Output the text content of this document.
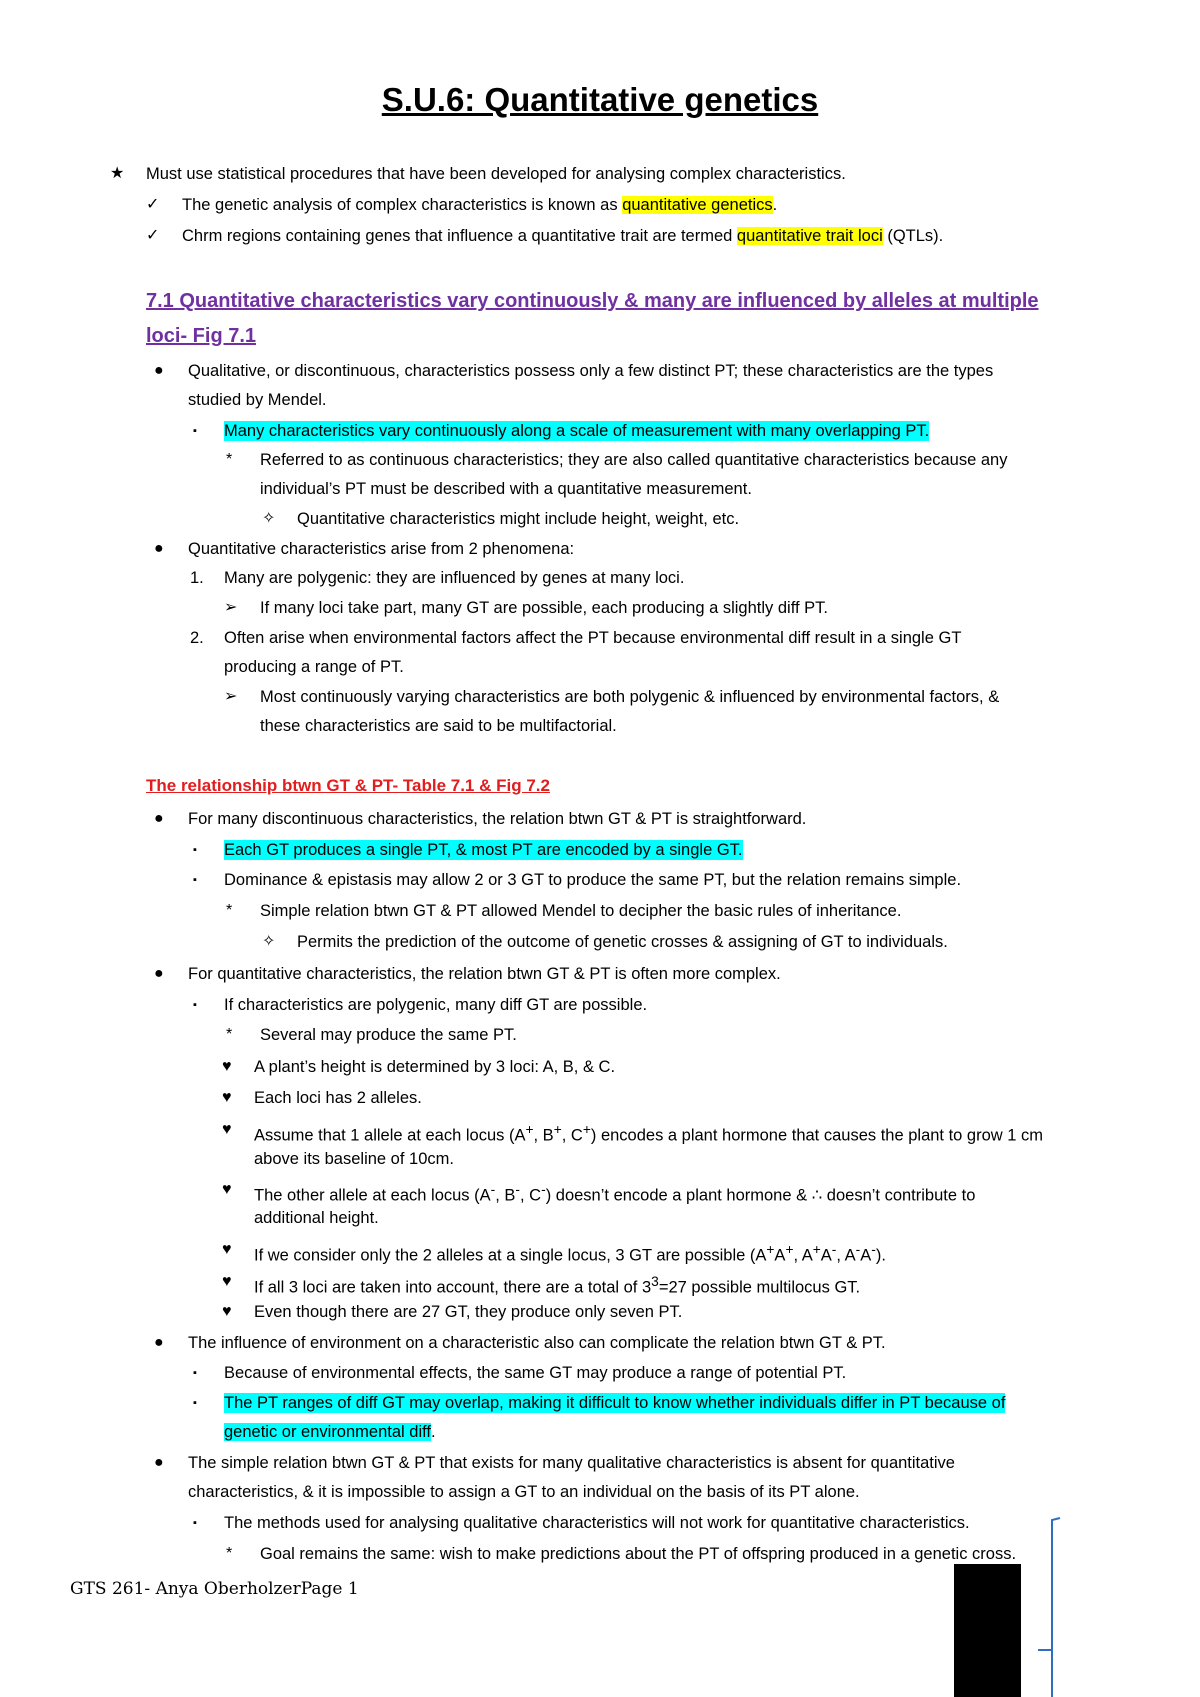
S.U.6: Quantitative genetics
★ Must use statistical procedures that have been developed for analysing complex characteristics.
✓ The genetic analysis of complex characteristics is known as quantitative genetics.
✓ Chrm regions containing genes that influence a quantitative trait are termed quantitative trait loci (QTLs).
7.1 Quantitative characteristics vary continuously & many are influenced by alleles at multiple
loci- Fig 7.1
● Qualitative, or discontinuous, characteristics possess only a few distinct PT; these characteristics are the types
studied by Mendel.
▪ Many characteristics vary continuously along a scale of measurement with many overlapping PT.
* Referred to as continuous characteristics; they are also called quantitative characteristics because any
individual’s PT must be described with a quantitative measurement.
✧ Quantitative characteristics might include height, weight, etc.
● Quantitative characteristics arise from 2 phenomena:
1. Many are polygenic: they are influenced by genes at many loci.
➢ If many loci take part, many GT are possible, each producing a slightly diff PT.
2. Often arise when environmental factors affect the PT because environmental diff result in a single GT
producing a range of PT.
➢ Most continuously varying characteristics are both polygenic & influenced by environmental factors, &
these characteristics are said to be multifactorial.
The relationship btwn GT & PT- Table 7.1 & Fig 7.2
● For many discontinuous characteristics, the relation btwn GT & PT is straightforward.
▪ Each GT produces a single PT, & most PT are encoded by a single GT.
▪ Dominance & epistasis may allow 2 or 3 GT to produce the same PT, but the relation remains simple.
* Simple relation btwn GT & PT allowed Mendel to decipher the basic rules of inheritance.
✧ Permits the prediction of the outcome of genetic crosses & assigning of GT to individuals.
● For quantitative characteristics, the relation btwn GT & PT is often more complex.
▪ If characteristics are polygenic, many diff GT are possible.
* Several may produce the same PT.
♥ A plant’s height is determined by 3 loci: A, B, & C.
♥ Each loci has 2 alleles.
♥ Assume that 1 allele at each locus (A+, B+, C+) encodes a plant hormone that causes the plant to grow 1 cm
above its baseline of 10cm.
♥ The other allele at each locus (A-, B-, C-) doesn’t encode a plant hormone & ∴ doesn’t contribute to
additional height.
♥ If we consider only the 2 alleles at a single locus, 3 GT are possible (A+A+, A+A-, A-A-).
♥ If all 3 loci are taken into account, there are a total of $3^3=27$ possible multilocus GT.
♥ Even though there are 27 GT, they produce only seven PT.
● The influence of environment on a characteristic also can complicate the relation btwn GT & PT.
▪ Because of environmental effects, the same GT may produce a range of potential PT.
▪ The PT ranges of diff GT may overlap, making it difficult to know whether individuals differ in PT because of
genetic or environmental diff.
● The simple relation btwn GT & PT that exists for many qualitative characteristics is absent for quantitative
characteristics, & it is impossible to assign a GT to an individual on the basis of its PT alone.
▪ The methods used for analysing qualitative characteristics will not work for quantitative characteristics.
* Goal remains the same: wish to make predictions about the PT of offspring produced in a genetic cross.
GTS 261- Anya OberholzerPage 1
